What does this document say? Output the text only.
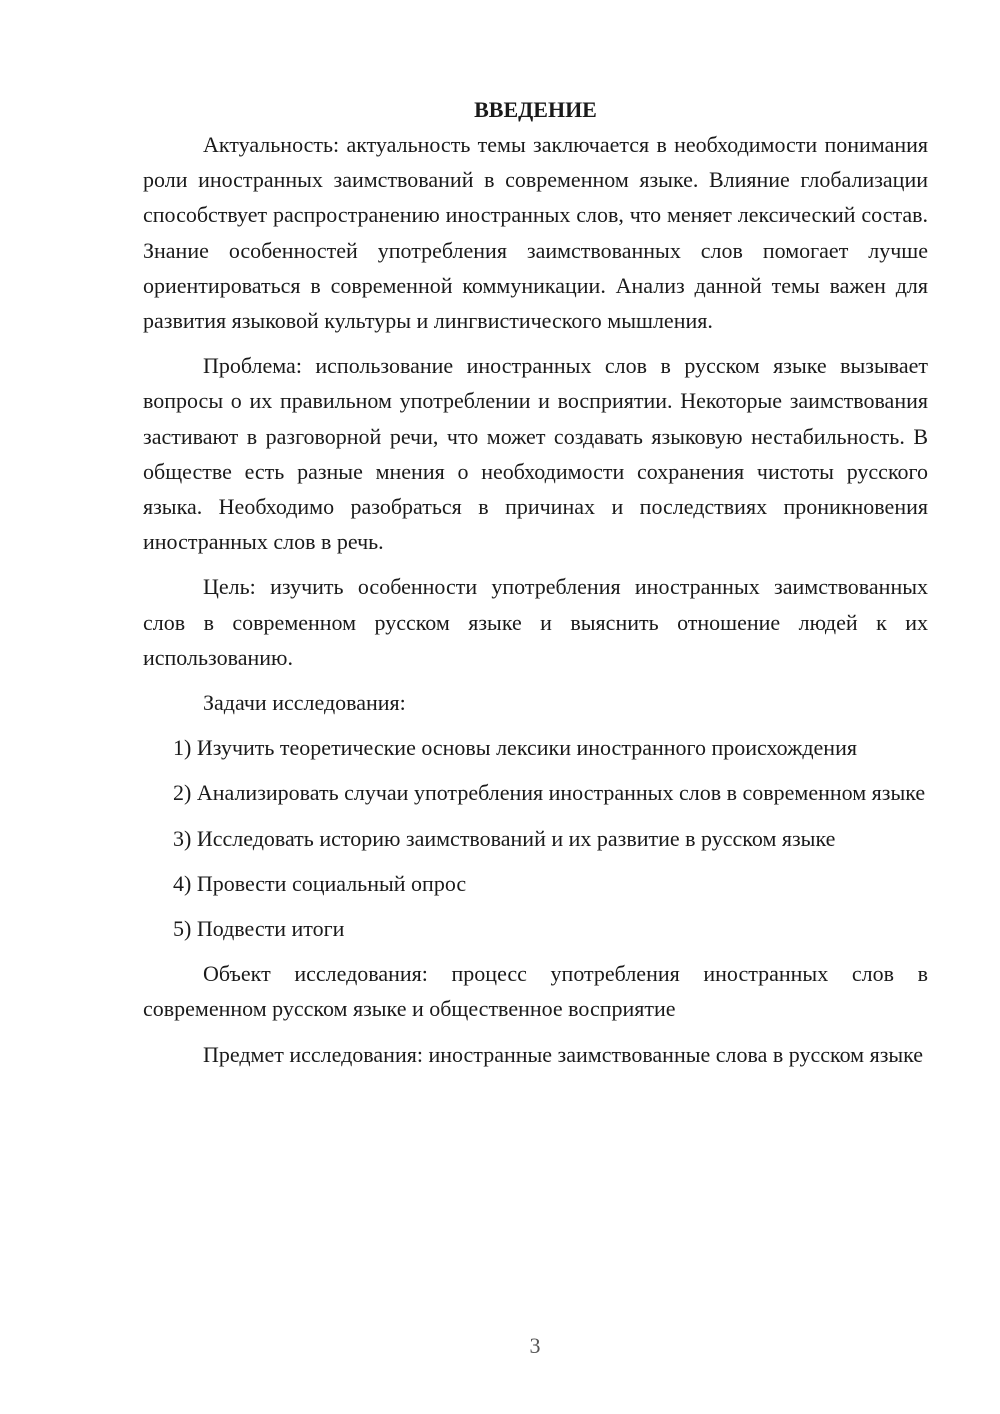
ВВЕДЕНИЕ

Актуальность: актуальность темы заключается в необходимости понимания роли иностранных заимствований в современном языке. Влияние глобализации способствует распространению иностранных слов, что меняет лексический состав. Знание особенностей употребления заимствованных слов помогает лучше ориентироваться в современной коммуникации. Анализ данной темы важен для развития языковой культуры и лингвистического мышления.

Проблема: использование иностранных слов в русском языке вызывает вопросы о их правильном употреблении и восприятии. Некоторые заимствования застивают в разговорной речи, что может создавать языковую нестабильность. В обществе есть разные мнения о необходимости сохранения чистоты русского языка. Необходимо разобраться в причинах и последствиях проникновения иностранных слов в речь.

Цель: изучить особенности употребления иностранных заимствованных слов в современном русском языке и выяснить отношение людей к их использованию.

Задачи исследования:

1) Изучить теоретические основы лексики иностранного происхождения

2) Анализировать случаи употребления иностранных слов в современном языке

3) Исследовать историю заимствований и их развитие в русском языке

4) Провести социальный опрос

5) Подвести итоги

Объект исследования: процесс употребления иностранных слов в современном русском языке и общественное восприятие

Предмет исследования: иностранные заимствованные слова в русском языке

3
